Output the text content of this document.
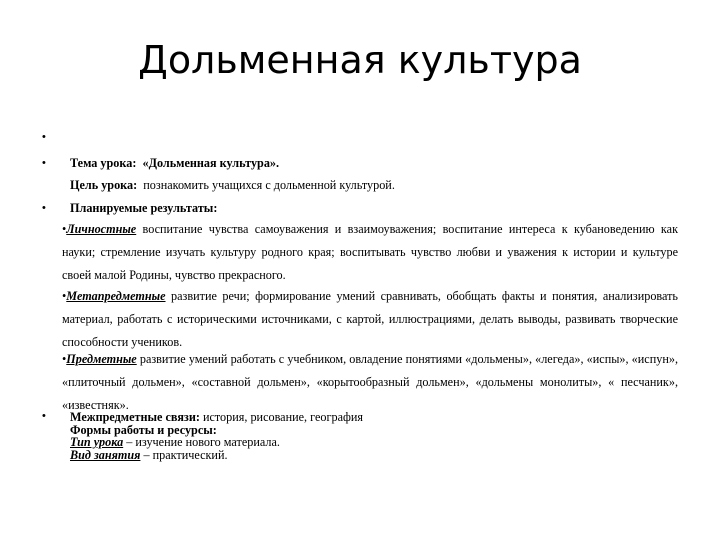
Дольменная культура
•
• Тема урока: «Дольменная культура».
Цель урока: познакомить учащихся с дольменной культурой.
• Планируемые результаты:
•Личностные воспитание чувства самоуважения и взаимоуважения; воспитание интереса к кубановедению как науки; стремление изучать культуру родного края; воспитывать чувство любви и уважения к истории и культуре своей малой Родины, чувство прекрасного.
•Метапредметные развитие речи; формирование умений сравнивать, обобщать факты и понятия, анализировать материал, работать с историческими источниками, с картой, иллюстрациями, делать выводы, развивать творческие способности учеников.
•Предметные развитие умений работать с учебником, овладение понятиями «дольмены», «легеда», «испы», «испун», «плиточный дольмен», «составной дольмен», «корытообразный дольмен», «дольмены монолиты», « песчаник», «известняк».
• Межпредметные связи: история, рисование, география
Формы работы и ресурсы:
Тип урока – изучение нового материала.
Вид занятия – практический.
